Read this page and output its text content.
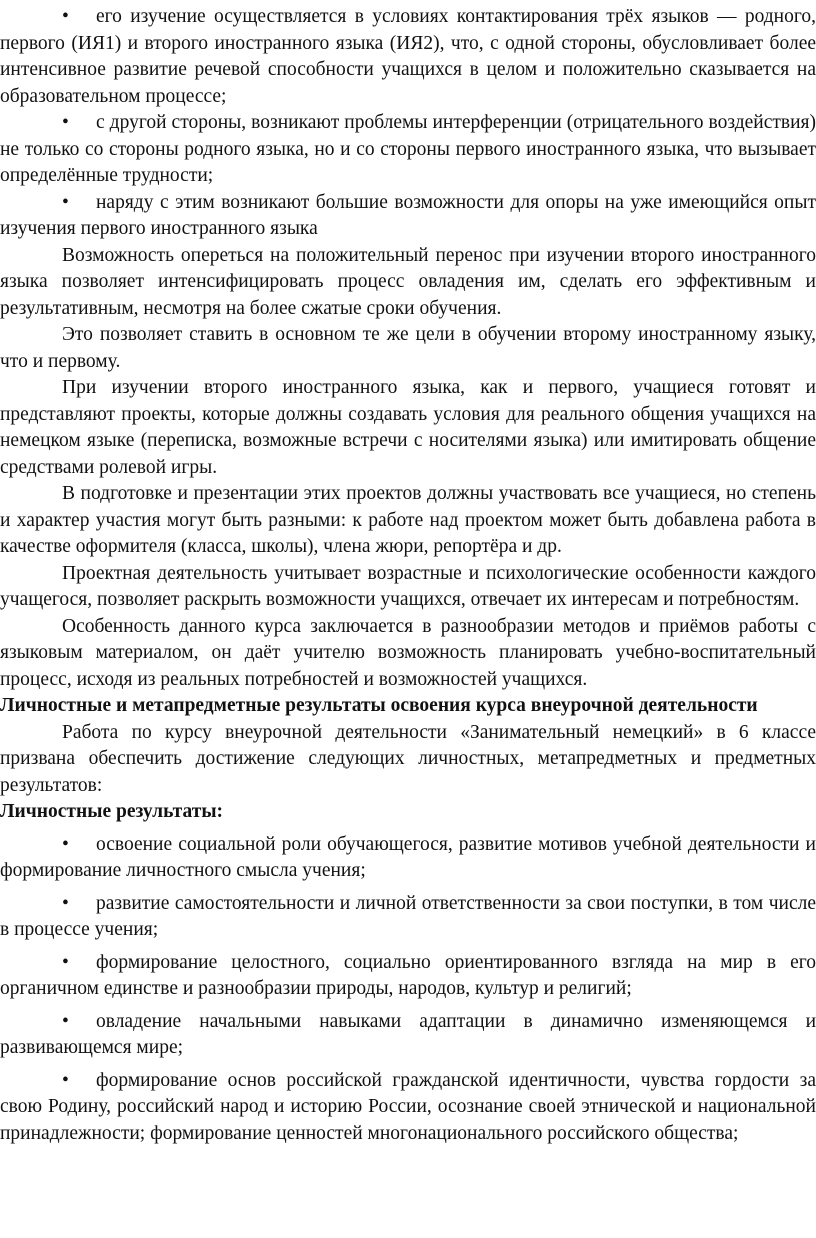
• его изучение осуществляется в условиях контактирования трёх языков — родного, первого (ИЯ1) и второго иностранного языка (ИЯ2), что, с одной стороны, обусловливает более интенсивное развитие речевой способности учащихся в целом и положительно сказывается на образовательном процессе;

• с другой стороны, возникают проблемы интерференции (отрицательного воздействия) не только со стороны родного языка, но и со стороны первого иностранного языка, что вызывает определённые трудности;

• наряду с этим возникают большие возможности для опоры на уже имеющийся опыт изучения первого иностранного языка

Возможность опереться на положительный перенос при изучении второго иностранного языка позволяет интенсифицировать процесс овладения им, сделать его эффективным и результативным, несмотря на более сжатые сроки обучения.

Это позволяет ставить в основном те же цели в обучении второму иностранному языку, что и первому.

При изучении второго иностранного языка, как и первого, учащиеся готовят и представляют проекты, которые должны создавать условия для реального общения учащихся на немецком языке (переписка, возможные встречи с носителями языка) или имитировать общение средствами ролевой игры.

В подготовке и презентации этих проектов должны участвовать все учащиеся, но степень и характер участия могут быть разными: к работе над проектом может быть добавлена работа в качестве оформителя (класса, школы), члена жюри, репортёра и др.

Проектная деятельность учитывает возрастные и психологические особенности каждого учащегося, позволяет раскрыть возможности учащихся, отвечает их интересам и потребностям.

Особенность данного курса заключается в разнообразии методов и приёмов работы с языковым материалом, он даёт учителю возможность планировать учебно-воспитательный процесс, исходя из реальных потребностей и возможностей учащихся.

Личностные и метапредметные результаты освоения курса внеурочной деятельности

Работа по курсу внеурочной деятельности «Занимательный немецкий» в 6 классе призвана обеспечить достижение следующих личностных, метапредметных и предметных результатов:

Личностные результаты:

• освоение социальной роли обучающегося, развитие мотивов учебной деятельности и формирование личностного смысла учения;

• развитие самостоятельности и личной ответственности за свои поступки, в том числе в процессе учения;

• формирование целостного, социально ориентированного взгляда на мир в его органичном единстве и разнообразии природы, народов, культур и религий;

• овладение начальными навыками адаптации в динамично изменяющемся и развивающемся мире;

• формирование основ российской гражданской идентичности, чувства гордости за свою Родину, российский народ и историю России, осознание своей этнической и национальной принадлежности; формирование ценностей многонационального российского общества;
